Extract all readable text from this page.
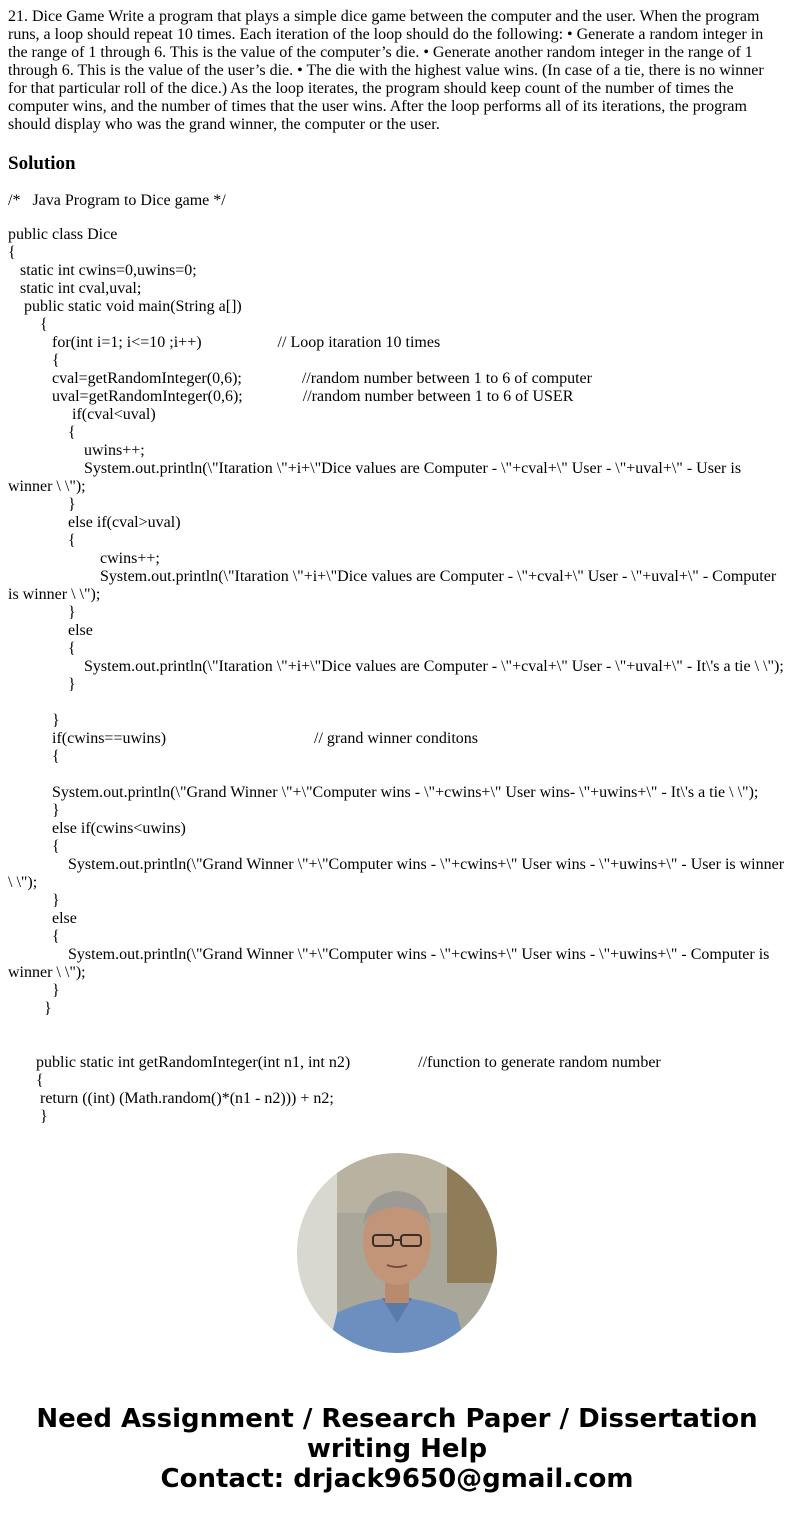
21. Dice Game Write a program that plays a simple dice game between the computer and the user. When the program runs, a loop should repeat 10 times. Each iteration of the loop should do the following: • Generate a random integer in the range of 1 through 6. This is the value of the computer’s die. • Generate another random integer in the range of 1 through 6. This is the value of the user’s die. • The die with the highest value wins. (In case of a tie, there is no winner for that particular roll of the dice.) As the loop iterates, the program should keep count of the number of times the computer wins, and the number of times that the user wins. After the loop performs all of its iterations, the program should display who was the grand winner, the computer or the user.

Solution
/*   Java Program to Dice game */
public class Dice
{
static int cwins=0,uwins=0;
static int cval,uval;
public static void main(String a[])
{
for(int i=1; i<=10 ;i++)                   // Loop itaration 10 times
{
cval=getRandomInteger(0,6);               //random number between 1 to 6 of computer
uval=getRandomInteger(0,6);               //random number between 1 to 6 of USER
if(cval<uval)
{
uwins++;
System.out.println(\"Itaration \"+i+\"Dice values are Computer - \"+cval+\" User - \"+uval+\" - User is winner \ \");
}
else if(cval>uval)
{
cwins++;
System.out.println(\"Itaration \"+i+\"Dice values are Computer - \"+cval+\" User - \"+uval+\" - Computer is winner \ \");
}
else
{
System.out.println(\"Itaration \"+i+\"Dice values are Computer - \"+cval+\" User - \"+uval+\" - It\'s a tie \ \");
}
}
if(cwins==uwins)                                     // grand winner conditons
{
System.out.println(\"Grand Winner \"+\"Computer wins - \"+cwins+\" User wins- \"+uwins+\" - It\'s a tie \ \");
}
else if(cwins<uwins)
{
System.out.println(\"Grand Winner \"+\"Computer wins - \"+cwins+\" User wins - \"+uwins+\" - User is winner \ \");
}
else
{
System.out.println(\"Grand Winner \"+\"Computer wins - \"+cwins+\" User wins - \"+uwins+\" - Computer is winner \ \");
}
}
public static int getRandomInteger(int n1, int n2)                 //function to generate random number
{
return ((int) (Math.random()*(n1 - n2))) + n2;
}
Need Assignment / Research Paper / Dissertation
writing Help
Contact: drjack9650@gmail.com
